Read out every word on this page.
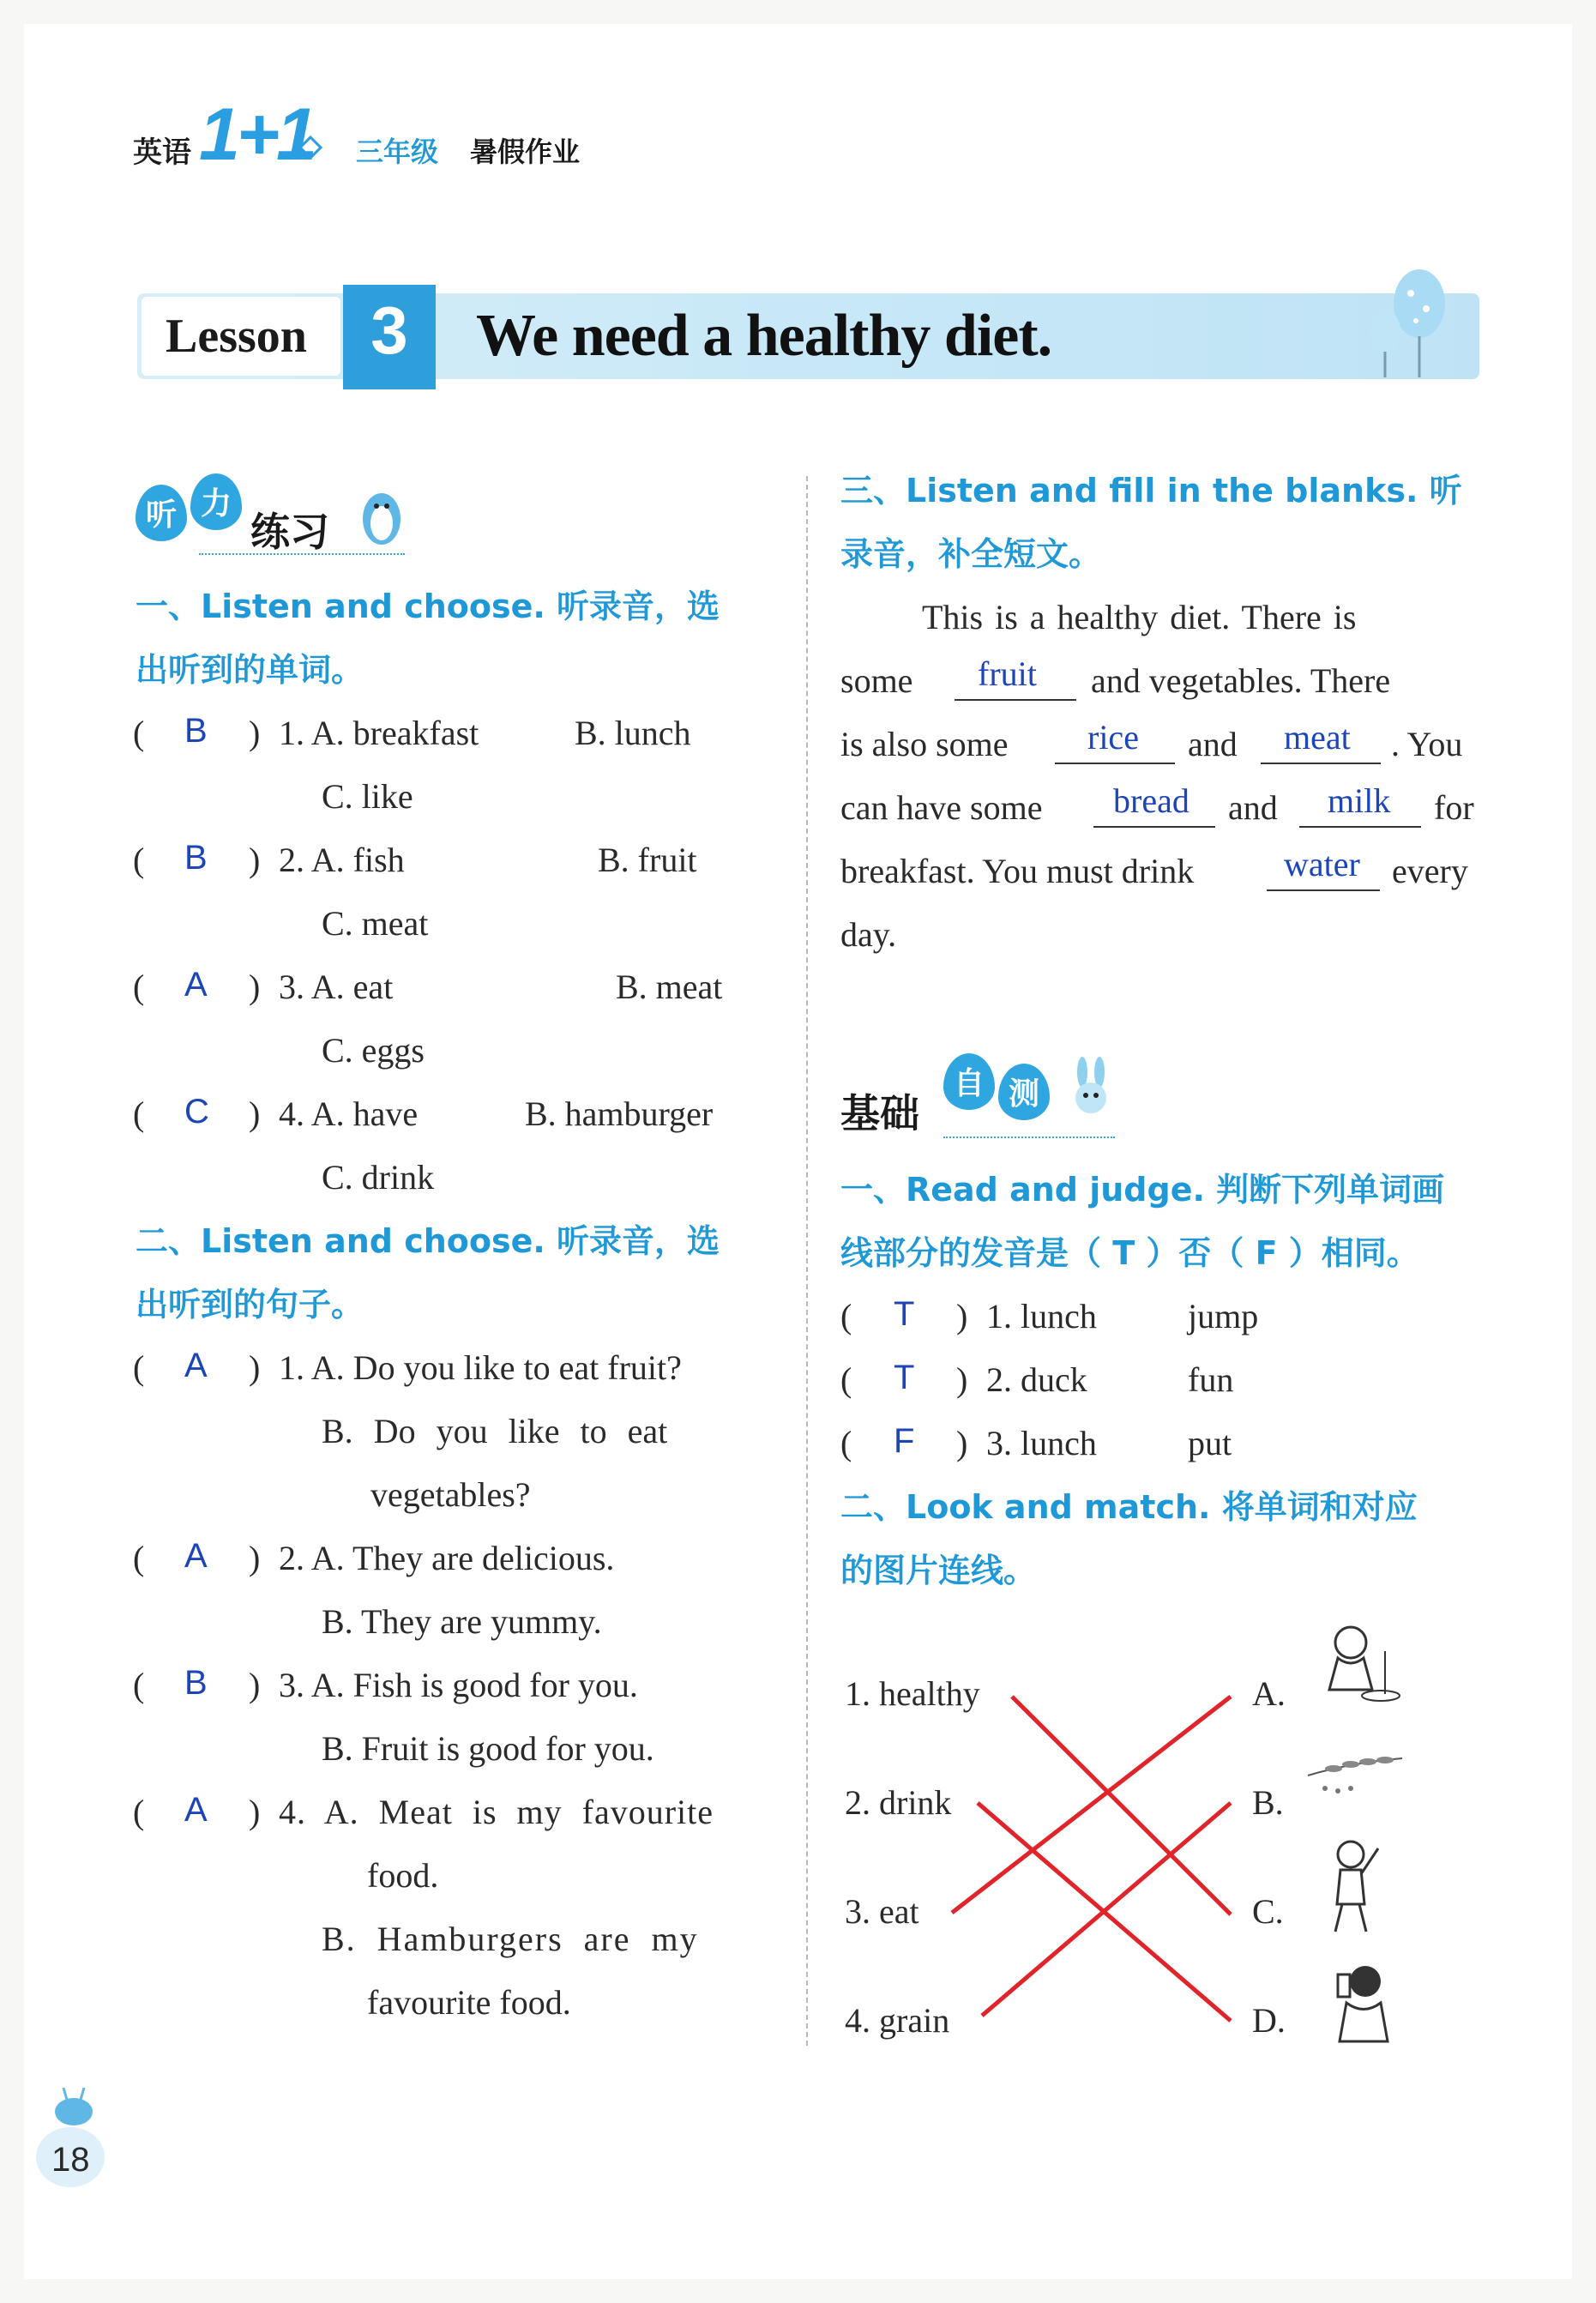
英语 1+1 三年级 暑假作业
Lesson 3	We need a healthy diet.
听 力
练习
一、Listen and choose. 听录音，选
出听到的单词。
( B ) 1. A. breakfast	B. lunch
C. like
( B ) 2. A. fish	B. fruit
C. meat
( A ) 3. A. eat	B. meat
C. eggs
( C ) 4. A. have	B. hamburger
C. drink
二、Listen and choose. 听录音，选
出听到的句子。
( A ) 1. A. Do you like to eat fruit?
B. Do you like to eat
vegetables?
( A ) 2. A. They are delicious.
B. They are yummy.
( B ) 3. A. Fish is good for you.
B. Fruit is good for you.
( A ) 4. A. Meat is my favourite
food.
B. Hamburgers are my
favourite food.
三、Listen and fill in the blanks. 听
录音，补全短文。
This is a healthy diet. There is
some fruit and vegetables. There
is also some rice and meat . You
can have some bread and milk for
breakfast. You must drink	water every
day.
基础
自 测
一、Read and judge. 判断下列单词画
线部分的发音是（ T ）否（ F ）相同。
( T ) 1. lunch	jump
( T ) 2. duck	fun
( F ) 3. lunch	put
二、Look and match. 将单词和对应
的图片连线。
1. healthy
2. drink
3. eat
4. grain
A.
B.
C.
D.
18
